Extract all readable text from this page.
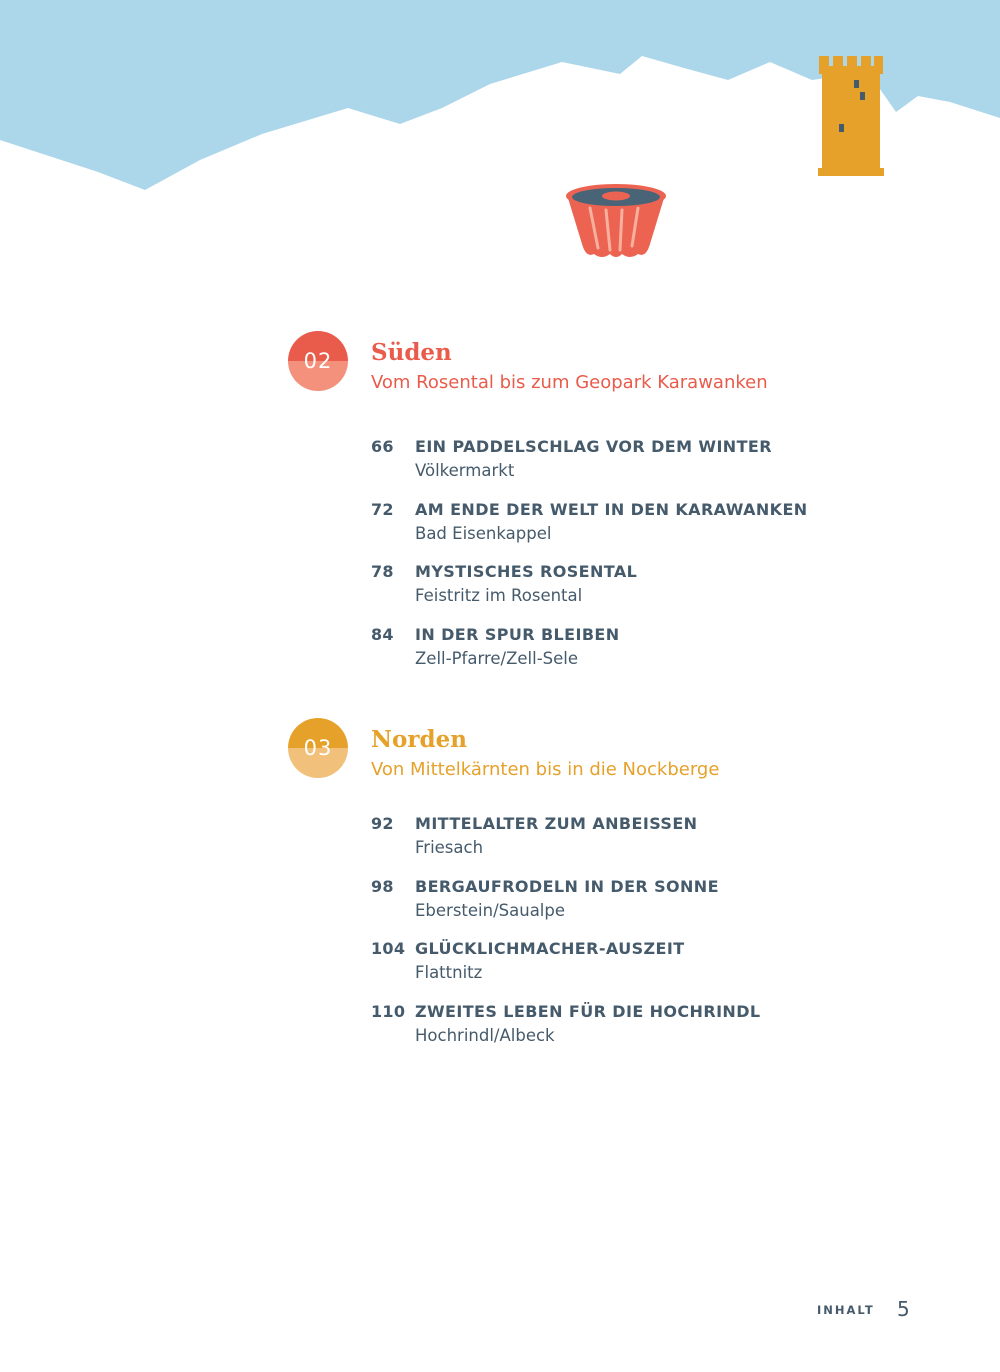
02	Süden
Vom Rosental bis zum Geopark Karawanken
66	EIN PADDELSCHLAG VOR DEM WINTER
Völkermarkt
72	AM ENDE DER WELT IN DEN KARAWANKEN
Bad Eisenkappel
78	MYSTISCHES ROSENTAL
Feistritz im Rosental
84	IN DER SPUR BLEIBEN
Zell-Pfarre/Zell-Sele
03	Norden
Von Mittelkärnten bis in die Nockberge
92	MITTELALTER ZUM ANBEISSEN
Friesach
98	BERGAUFRODELN IN DER SONNE
Eberstein/Saualpe
104 GLÜCKLICHMACHER-AUSZEIT
Flattnitz
110 ZWEITES LEBEN FÜR DIE HOCHRINDL
Hochrindl/Albeck
INHALT 5
